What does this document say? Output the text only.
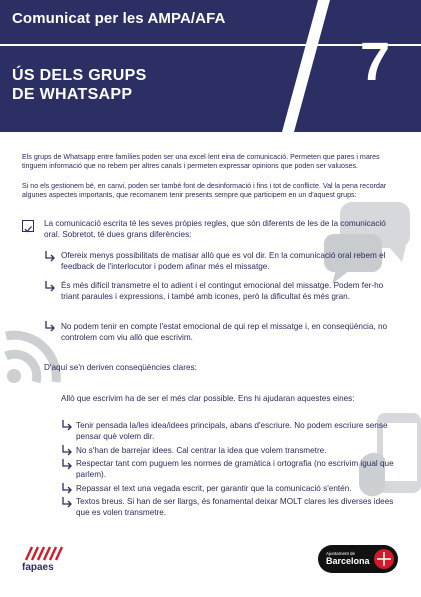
Comunicat per les AMPA/AFA
ÚS DELS GRUPS
DE WHATSAPP
7
Els grups de Whatsapp entre famílies poden ser una excel·lent eina de comunicació. Permeten que pares i mares tinguem informació que no rebem per altres canals i permeten expressar opinions que poden ser valuoses.
Si no els gestionem bé, en canvi, poden ser també font de desinformació i fins i tot de conflicte. Val la pena recordar algunes aspectes importants, que recomanem tenir presents sempre que participem en un d'aquest grups:
La comunicació escrita té les seves pròpies regles, que són diferents de les de la comunicació oral. Sobretot, té dues grans diferències:
Ofereix menys possibilitats de matisar allò que es vol dir. En la comunicació oral rebem el feedback de l'interlocutor i podem afinar més el missatge.
És més difícil transmetre el to adient i el contingut emocional del missatge. Podem fer-ho triant paraules i expressions, i també amb icones, però la dificultat és més gran.
No podem tenir en compte l'estat emocional de qui rep el missatge i, en conseqüència, no controlem com viu allò que escrivim.
D'aquí se'n deriven conseqüències clares:
Allò que escrivim ha de ser el més clar possible. Ens hi ajudaran aquestes eines:
Tenir pensada la/les idea/idees principals, abans d'escriure. No podem escriure sense pensar què volem dir.
No s'han de barrejar idees. Cal centrar la idea que volem transmetre.
Respectar tant com puguem les normes de gramàtica i ortografia (no escrivim igual que parlem).
Repassar el text una vegada escrit, per garantir que la comunicació s'entén.
Textos breus. Si han de ser llargs, és fonamental deixar MOLT clares les diverses idees que es volen transmetre.
fapaes
Ajuntament de
Barcelona
